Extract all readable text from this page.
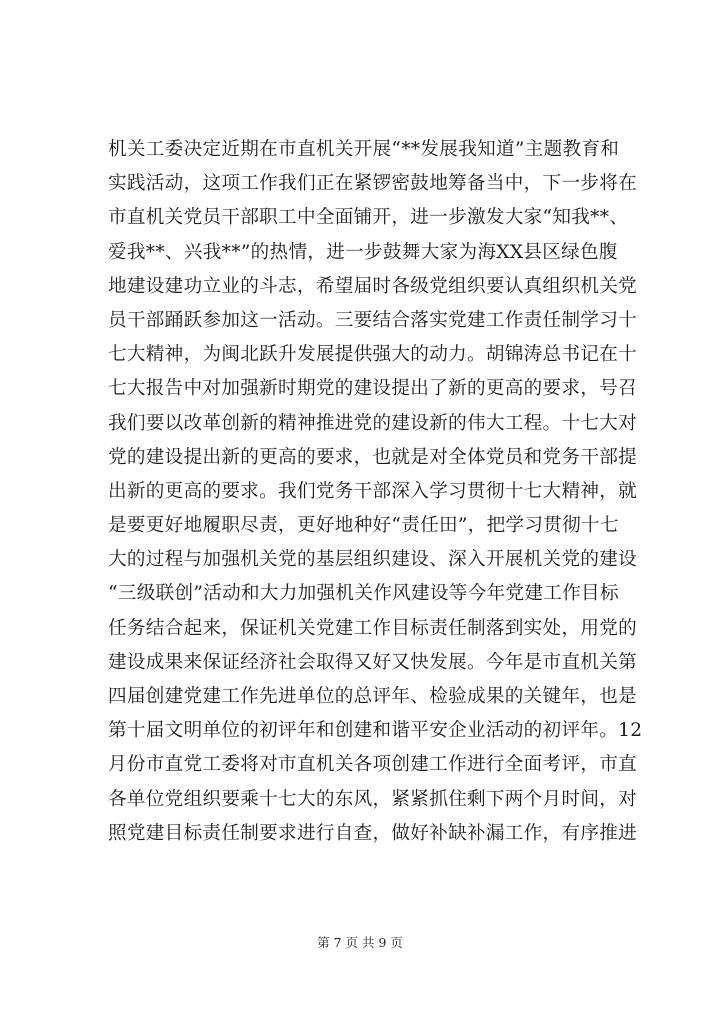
机关工委决定近期在市直机关开展“**发展我知道”主题教育和
实践活动，这项工作我们正在紧锣密鼓地筹备当中，下一步将在
市直机关党员干部职工中全面铺开，进一步激发大家“知我**、
爱我**、兴我**”的热情，进一步鼓舞大家为海XX县区绿色腹
地建设建功立业的斗志，希望届时各级党组织要认真组织机关党
员干部踊跃参加这一活动。三要结合落实党建工作责任制学习十
七大精神，为闽北跃升发展提供强大的动力。胡锦涛总书记在十
七大报告中对加强新时期党的建设提出了新的更高的要求，号召
我们要以改革创新的精神推进党的建设新的伟大工程。十七大对
党的建设提出新的更高的要求，也就是对全体党员和党务干部提
出新的更高的要求。我们党务干部深入学习贯彻十七大精神，就
是要更好地履职尽责，更好地种好“责任田”，把学习贯彻十七
大的过程与加强机关党的基层组织建设、深入开展机关党的建设
“三级联创”活动和大力加强机关作风建设等今年党建工作目标
任务结合起来，保证机关党建工作目标责任制落到实处，用党的
建设成果来保证经济社会取得又好又快发展。今年是市直机关第
四届创建党建工作先进单位的总评年、检验成果的关键年，也是
第十届文明单位的初评年和创建和谐平安企业活动的初评年。12
月份市直党工委将对市直机关各项创建工作进行全面考评，市直
各单位党组织要乘十七大的东风，紧紧抓住剩下两个月时间，对
照党建目标责任制要求进行自查，做好补缺补漏工作，有序推进
第 7 页 共 9 页
